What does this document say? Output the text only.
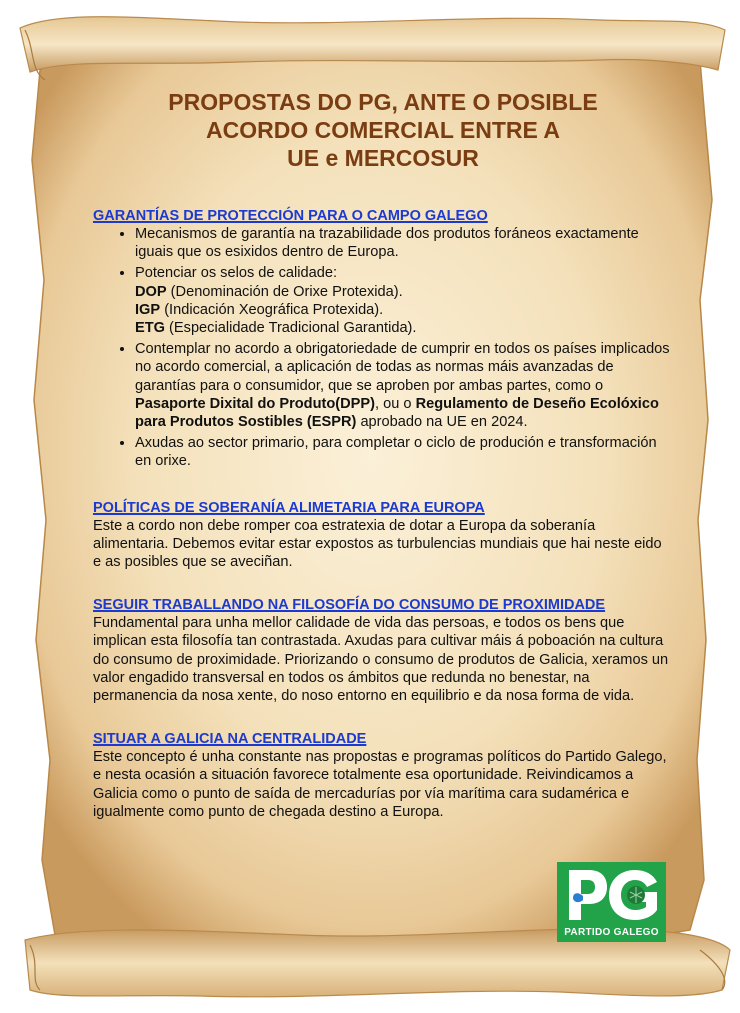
PROPOSTAS DO PG, ANTE O POSIBLE
ACORDO COMERCIAL ENTRE A
UE e MERCOSUR
GARANTÍAS DE PROTECCIÓN PARA O CAMPO GALEGO
• Mecanismos de garantía na trazabilidade dos produtos foráneos exactamente iguais que os esixidos dentro de Europa.
• Potenciar os selos de calidade:
DOP (Denominación de Orixe Protexida).
IGP (Indicación Xeográfica Protexida).
ETG (Especialidade Tradicional Garantida).
• Contemplar no acordo a obrigatoriedade de cumprir en todos os países implicados no acordo comercial, a aplicación de todas as normas máis avanzadas de garantías para o consumidor, que se aproben por ambas partes, como o Pasaporte Dixital do Produto(DPP), ou o Regulamento de Deseño Ecolóxico para Produtos Sostibles (ESPR) aprobado na UE en 2024.
• Axudas ao sector primario, para completar o ciclo de produción e transformación en orixe.
POLÍTICAS DE SOBERANÍA ALIMETARIA PARA EUROPA

Este a cordo non debe romper coa estratexia de dotar a Europa da soberanía alimentaria. Debemos evitar estar expostos as turbulencias mundiais que hai neste eido e as posibles que se aveciñan.

SEGUIR TRABALLANDO NA FILOSOFÍA DO CONSUMO DE PROXIMIDADE

Fundamental para unha mellor calidade de vida das persoas, e todos os bens que implican esta filosofía tan contrastada. Axudas para cultivar máis á poboación na cultura do consumo de proximidade. Priorizando o consumo de produtos de Galicia, xeramos un valor engadido transversal en todos os ámbitos que redunda no benestar, na permanencia da nosa xente, do noso entorno en equilibrio e da nosa forma de vida.

SITUAR A GALICIA NA CENTRALIDADE

Este concepto é unha constante nas propostas e programas políticos do Partido Galego, e nesta ocasión a situación favorece totalmente esa oportunidade. Reivindicamos a Galicia como o punto de saída de mercadurías por vía marítima cara sudamérica e igualmente como punto de chegada destino a Europa.

PARTIDO GALEGO
